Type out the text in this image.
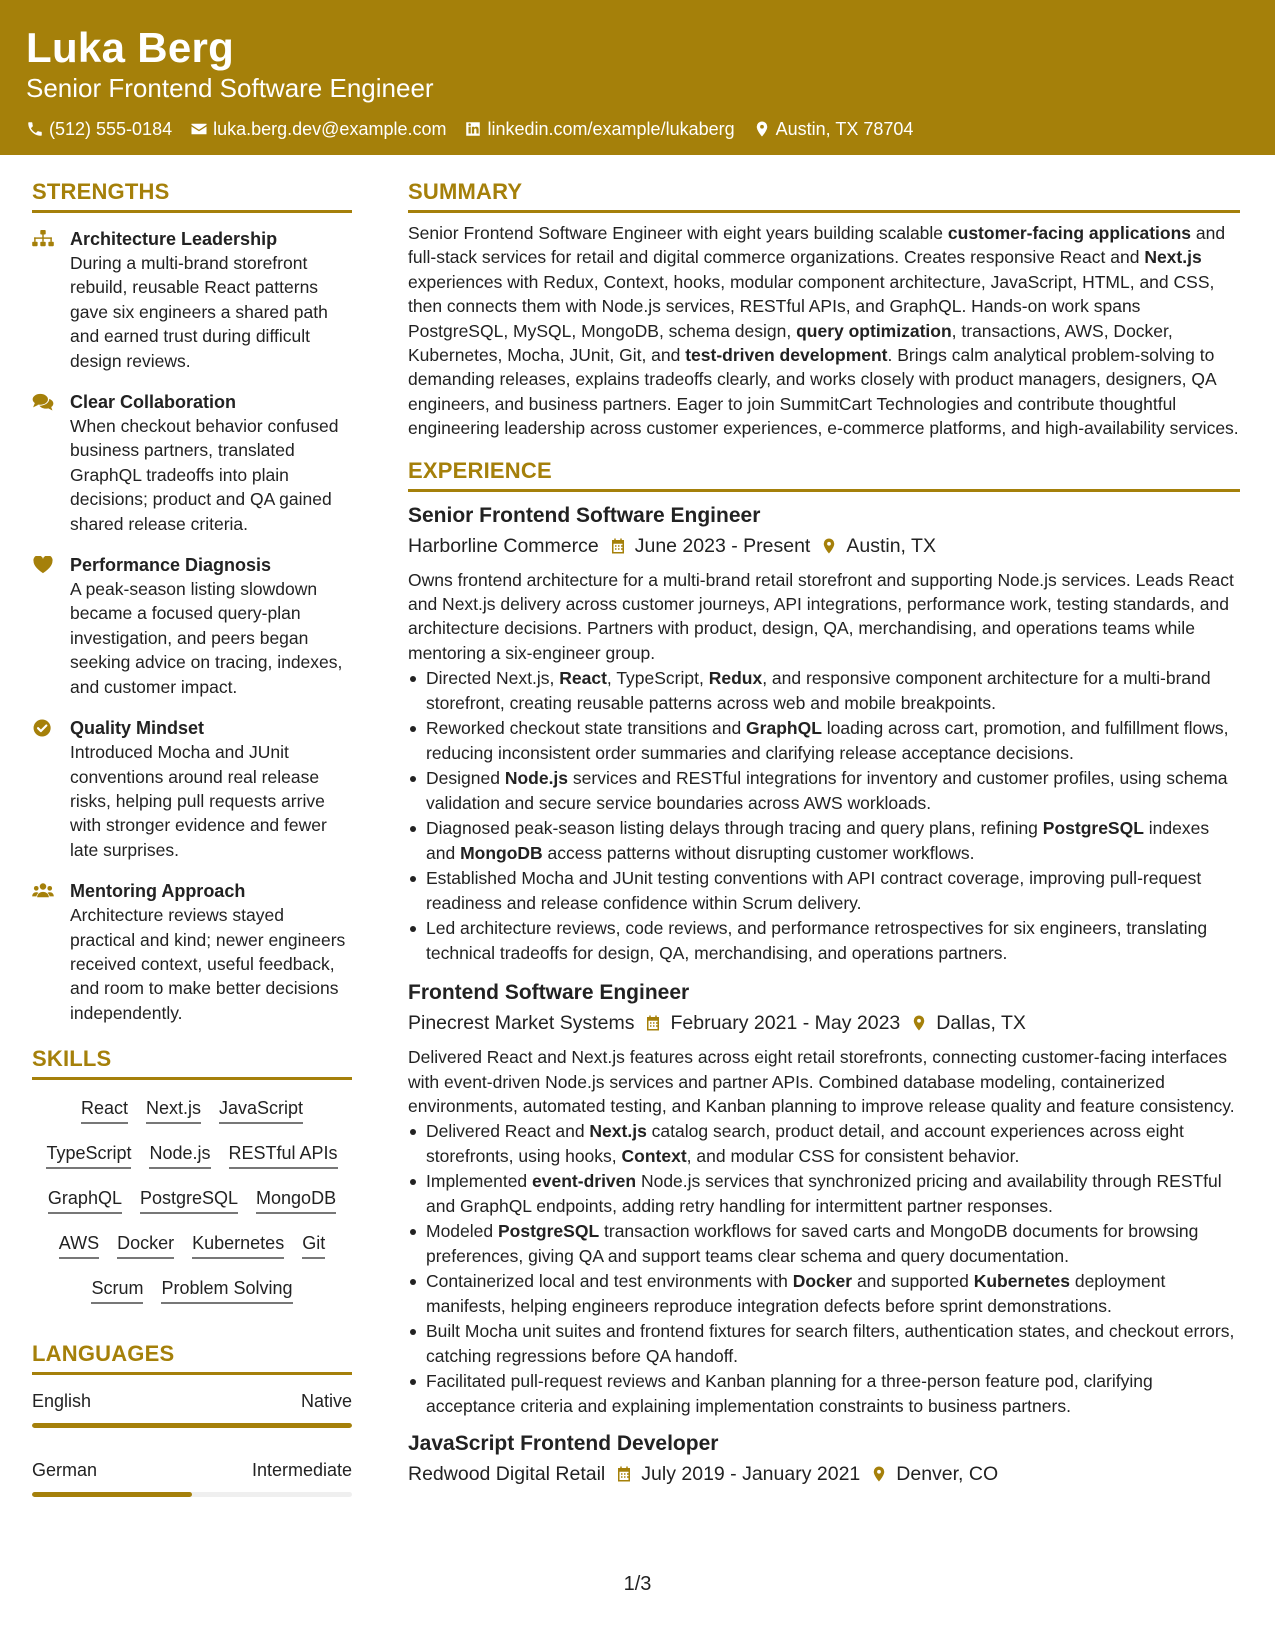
Luka Berg
Senior Frontend Software Engineer
(512) 555-0184 luka.berg.dev@example.com linkedin.com/example/lukaberg Austin, TX 78704
STRENGTHS
Architecture Leadership
During a multi-brand storefront rebuild, reusable React patterns gave six engineers a shared path and earned trust during difficult design reviews.
Clear Collaboration
When checkout behavior confused business partners, translated GraphQL tradeoffs into plain decisions; product and QA gained shared release criteria.
Performance Diagnosis
A peak-season listing slowdown became a focused query-plan investigation, and peers began seeking advice on tracing, indexes, and customer impact.
Quality Mindset
Introduced Mocha and JUnit conventions around real release risks, helping pull requests arrive with stronger evidence and fewer late surprises.
Mentoring Approach
Architecture reviews stayed practical and kind; newer engineers received context, useful feedback, and room to make better decisions independently.
SKILLS
React Next.js JavaScript
TypeScript Node.js RESTful APIs
GraphQL PostgreSQL MongoDB
AWS Docker Kubernetes Git
Scrum Problem Solving
LANGUAGES
English	Native
German	Intermediate
SUMMARY
Senior Frontend Software Engineer with eight years building scalable customer-facing applications and full-stack services for retail and digital commerce organizations. Creates responsive React and Next.js experiences with Redux, Context, hooks, modular component architecture, JavaScript, HTML, and CSS, then connects them with Node.js services, RESTful APIs, and GraphQL. Hands-on work spans PostgreSQL, MySQL, MongoDB, schema design, query optimization, transactions, AWS, Docker, Kubernetes, Mocha, JUnit, Git, and test-driven development. Brings calm analytical problem-solving to demanding releases, explains tradeoffs clearly, and works closely with product managers, designers, QA engineers, and business partners. Eager to join SummitCart Technologies and contribute thoughtful engineering leadership across customer experiences, e-commerce platforms, and high-availability services.
EXPERIENCE
Senior Frontend Software Engineer
Harborline Commerce June 2023 - Present Austin, TX
Owns frontend architecture for a multi-brand retail storefront and supporting Node.js services. Leads React and Next.js delivery across customer journeys, API integrations, performance work, testing standards, and architecture decisions. Partners with product, design, QA, merchandising, and operations teams while mentoring a six-engineer group.
Directed Next.js, React, TypeScript, Redux, and responsive component architecture for a multi-brand storefront, creating reusable patterns across web and mobile breakpoints.
Reworked checkout state transitions and GraphQL loading across cart, promotion, and fulfillment flows, reducing inconsistent order summaries and clarifying release acceptance decisions.
Designed Node.js services and RESTful integrations for inventory and customer profiles, using schema validation and secure service boundaries across AWS workloads.
Diagnosed peak-season listing delays through tracing and query plans, refining PostgreSQL indexes and MongoDB access patterns without disrupting customer workflows.
Established Mocha and JUnit testing conventions with API contract coverage, improving pull-request readiness and release confidence within Scrum delivery.
Led architecture reviews, code reviews, and performance retrospectives for six engineers, translating technical tradeoffs for design, QA, merchandising, and operations partners.
Frontend Software Engineer
Pinecrest Market Systems February 2021 - May 2023 Dallas, TX
Delivered React and Next.js features across eight retail storefronts, connecting customer-facing interfaces with event-driven Node.js services and partner APIs. Combined database modeling, containerized environments, automated testing, and Kanban planning to improve release quality and feature consistency.
Delivered React and Next.js catalog search, product detail, and account experiences across eight storefronts, using hooks, Context, and modular CSS for consistent behavior.
Implemented event-driven Node.js services that synchronized pricing and availability through RESTful and GraphQL endpoints, adding retry handling for intermittent partner responses.
Modeled PostgreSQL transaction workflows for saved carts and MongoDB documents for browsing preferences, giving QA and support teams clear schema and query documentation.
Containerized local and test environments with Docker and supported Kubernetes deployment manifests, helping engineers reproduce integration defects before sprint demonstrations.
Built Mocha unit suites and frontend fixtures for search filters, authentication states, and checkout errors, catching regressions before QA handoff.
Facilitated pull-request reviews and Kanban planning for a three-person feature pod, clarifying acceptance criteria and explaining implementation constraints to business partners.
JavaScript Frontend Developer
Redwood Digital Retail July 2019 - January 2021 Denver, CO
1/3
